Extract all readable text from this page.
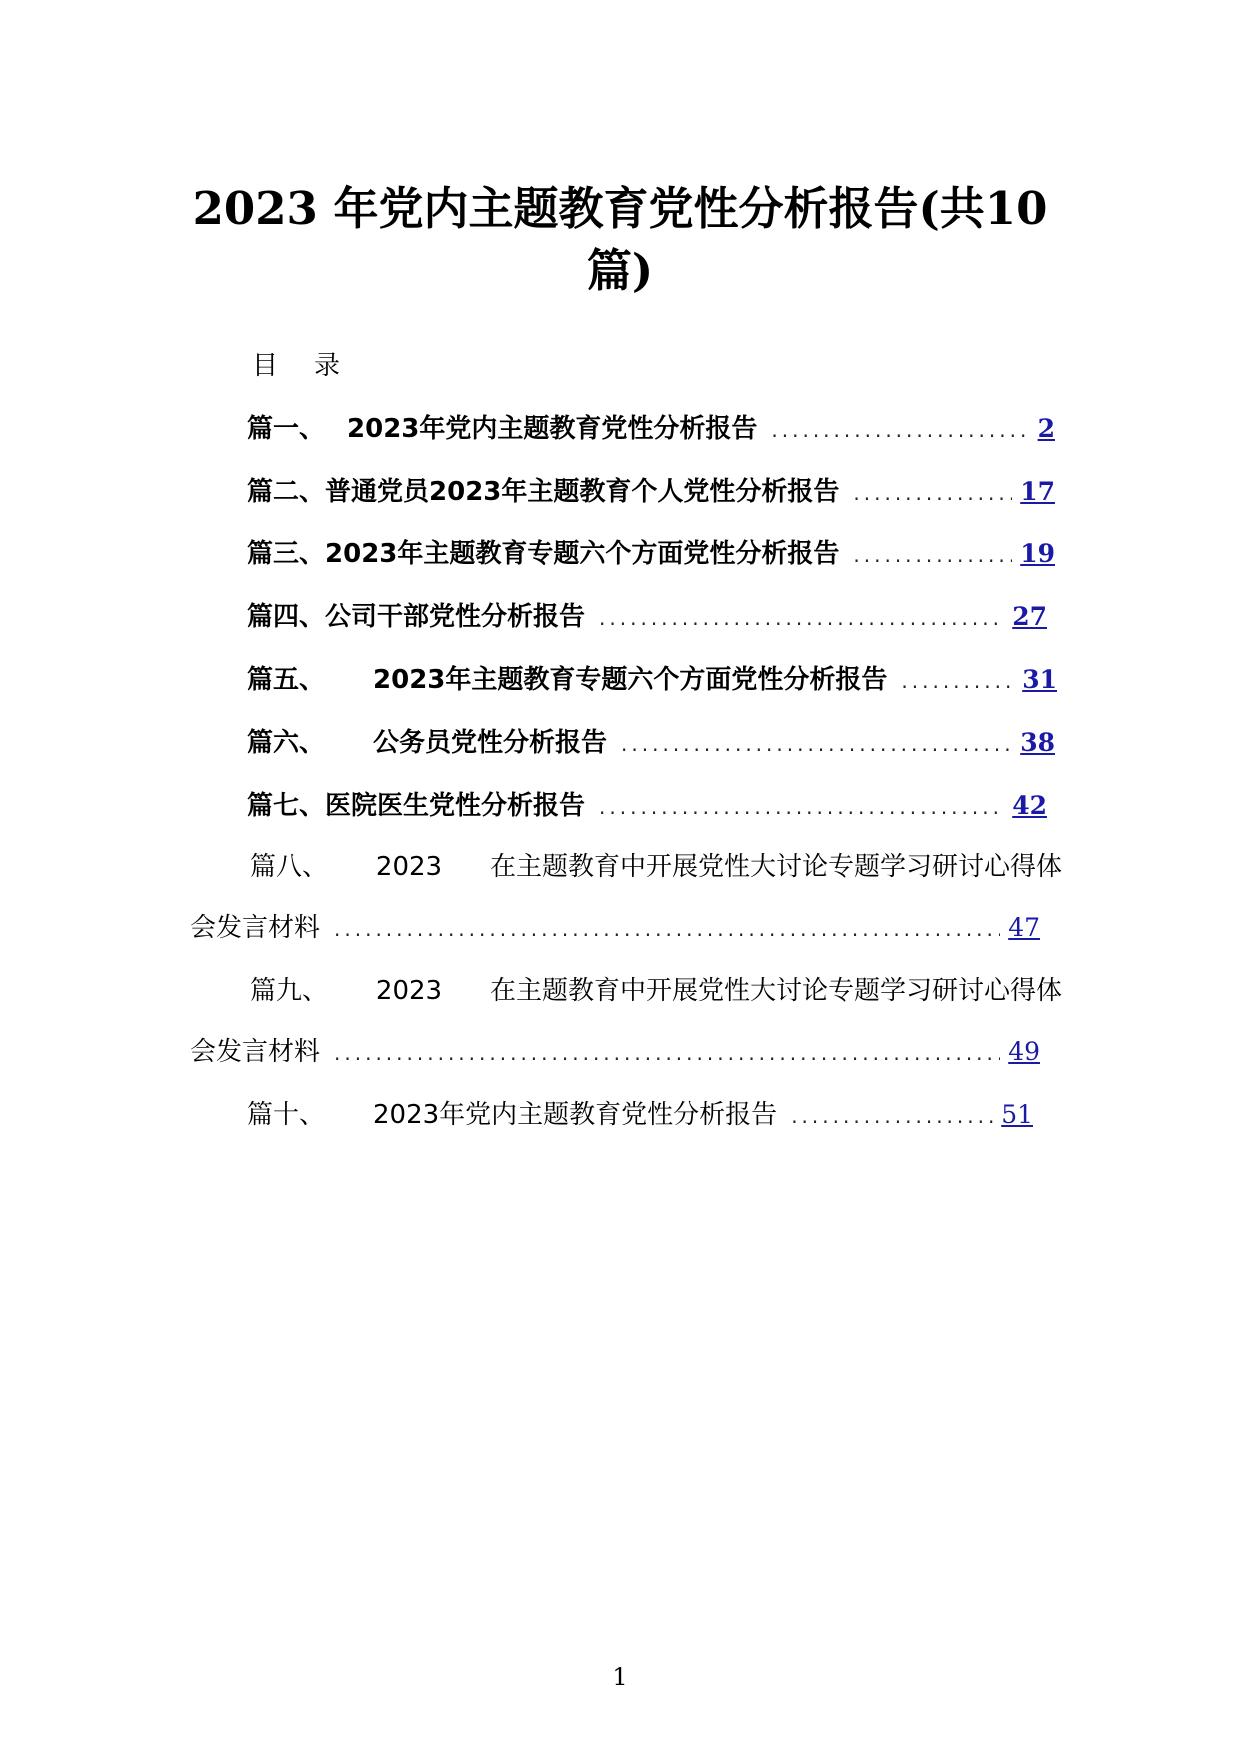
2023 年党内主题教育党性分析报告(共10
篇)
目 录
篇一、 2023年党内主题教育党性分析报告 .....	2
篇二、 普通党员2023年主题教育个人党性分析报告 .....	17
篇三、 2023年主题教育专题六个方面党性分析报告 .....	19
篇四、 公司干部党性分析报告 .....	27
篇五、 2023年主题教育专题六个方面党性分析报告 .....	31
篇六、 公务员党性分析报告 .....	38
篇七、 医院医生党性分析报告 .....	42
篇八、 2023 在主题教育中开展党性大讨论专题学习研讨心得体
会发言材料 .....	47
篇九、 2023 在主题教育中开展党性大讨论专题学习研讨心得体
会发言材料 .....	49
篇十、 2023年党内主题教育党性分析报告 .....	51
1
